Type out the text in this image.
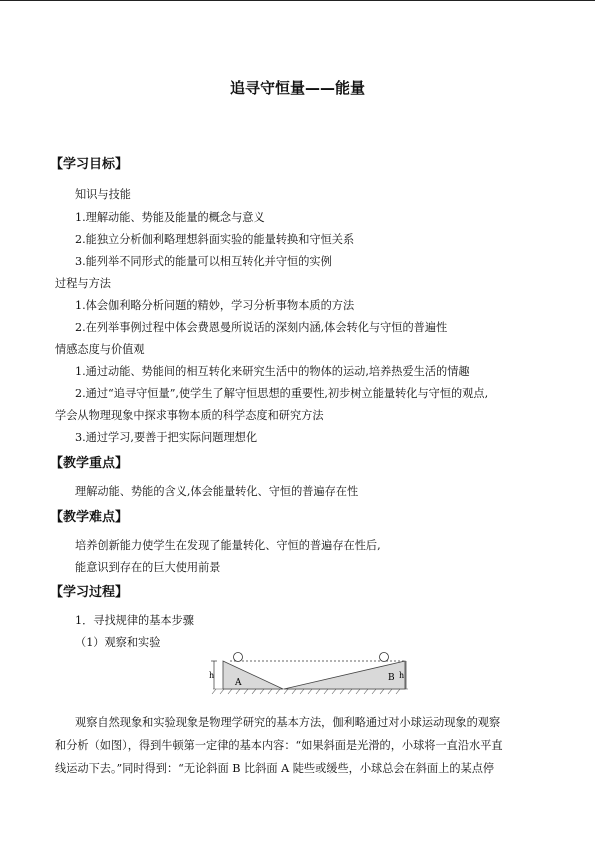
追寻守恒量——能量
【学习目标】
知识与技能
1.理解动能、势能及能量的概念与意义
2.能独立分析伽利略理想斜面实验的能量转换和守恒关系
3.能列举不同形式的能量可以相互转化并守恒的实例
过程与方法
1.体会伽利略分析问题的精妙，学习分析事物本质的方法
2.在列举事例过程中体会费恩曼所说话的深刻内涵,体会转化与守恒的普遍性
情感态度与价值观
1.通过动能、势能间的相互转化来研究生活中的物体的运动,培养热爱生活的情趣
2.通过“追寻守恒量”,使学生了解守恒思想的重要性,初步树立能量转化与守恒的观点,
学会从物理现象中探求事物本质的科学态度和研究方法
3.通过学习,要善于把实际问题理想化
【教学重点】
理解动能、势能的含义,体会能量转化、守恒的普遍存在性
【教学难点】
培养创新能力使学生在发现了能量转化、守恒的普遍存在性后,
能意识到存在的巨大使用前景
【学习过程】
1．寻找规律的基本步骤
（1）观察和实验
h	h
A	B
观察自然现象和实验现象是物理学研究的基本方法，伽利略通过对小球运动现象的观察
和分析（如图），得到牛顿第一定律的基本内容：“如果斜面是光滑的，小球将一直沿水平直
线运动下去。”同时得到：“无论斜面 B 比斜面 A 陡些或缓些，小球总会在斜面上的某点停
